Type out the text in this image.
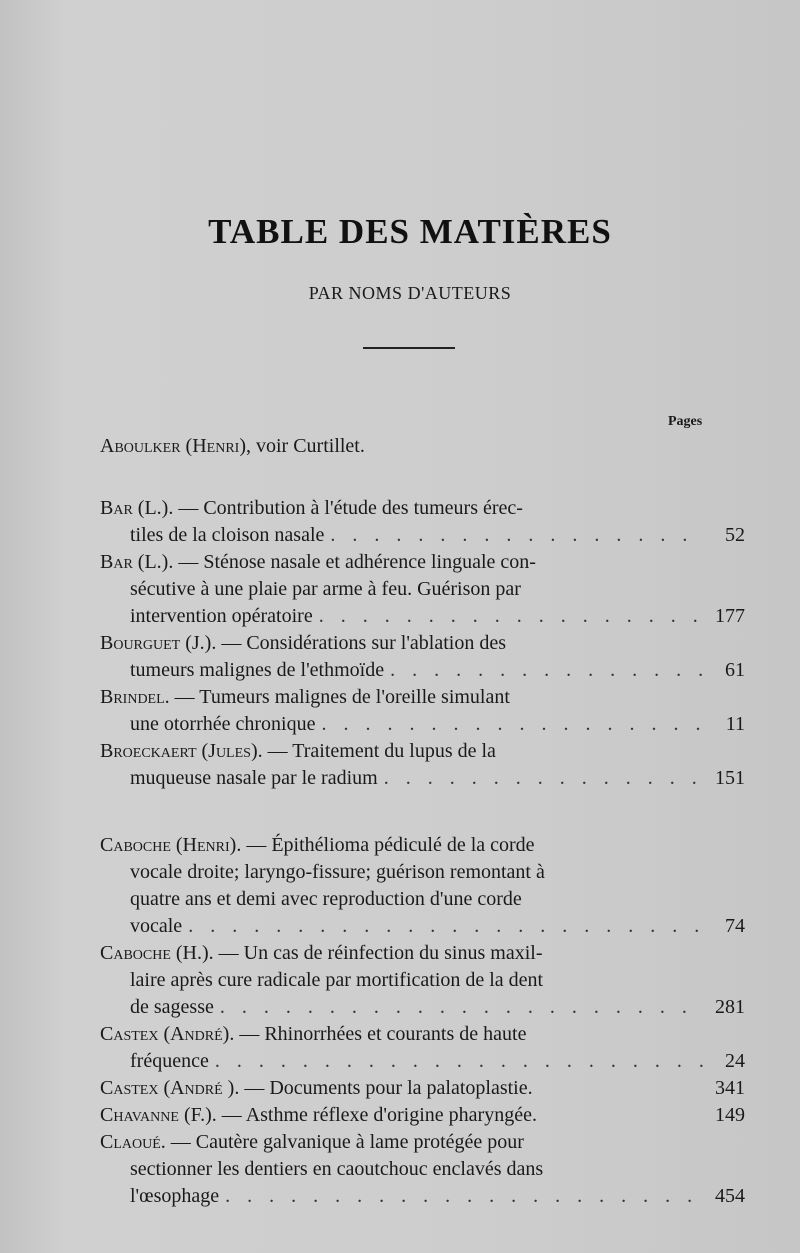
TABLE DES MATIÈRES
PAR NOMS D'AUTEURS
Pages
Aboulker (Henri),
voir Curtillet.
Bar (L.).
— Contribution à l'étude des tumeurs érec-
tiles de la cloison nasale . . .	52
Bar (L.).
— Sténose nasale et adhérence linguale con-
sécutive à une plaie par arme à feu. Guérison par
intervention opératoire . . .	177
Bourguet (J.).
— Considérations sur l'ablation des
tumeurs malignes de l'ethmoïde . . .	61
Brindel.
— Tumeurs malignes de l'oreille simulant
une otorrhée chronique . . .	11
Broeckaert (Jules).
— Traitement du lupus de la
muqueuse nasale par le radium . . .	151
Caboche (Henri).
— Épithélioma pédiculé de la corde
vocale droite; laryngo-fissure; guérison remontant à
quatre ans et demi avec reproduction d'une corde
vocale . . .	74
Caboche (H.).
— Un cas de réinfection du sinus maxil-
laire après cure radicale par mortification de la dent
de sagesse . . .	281
Castex (André).
— Rhinorrhées et courants de haute
fréquence . . .	24
Castex (André ).
— Documents pour la palatoplastie.	341
Chavanne (F.).
— Asthme réflexe d'origine pharyngée.	149
Claoué.
— Cautère galvanique à lame protégée pour
sectionner les dentiers en caoutchouc enclavés dans
l'œsophage . . .	454
